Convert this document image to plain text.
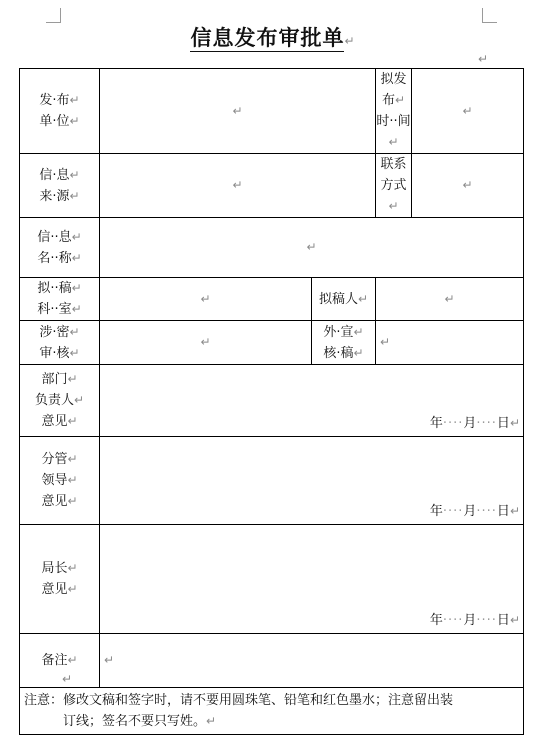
信息发布审批单↵
↵
发·布↵
单·位↵	↵		拟发布↵
时··间↵	↵

信·息↵
来·源↵	↵		联系方式↵	↵

信··息↵
名··称↵	↵			

拟··稿↵
科··室↵	↵	拟稿人↵	↵	

涉·密↵
审·核↵	↵	外·宣↵
核·稿↵	↵	

部门↵
负责人↵
意见↵	年····月····日↵			

分管↵
领导↵
意见↵	年····月····日↵			

局长↵
意见↵	年····月····日↵			

备注↵	↵			

注意：修改文稿和签字时，请不要用圆珠笔、铅笔和红色墨水；注意留出装
订线；签名不要只写姓。↵				
↵
